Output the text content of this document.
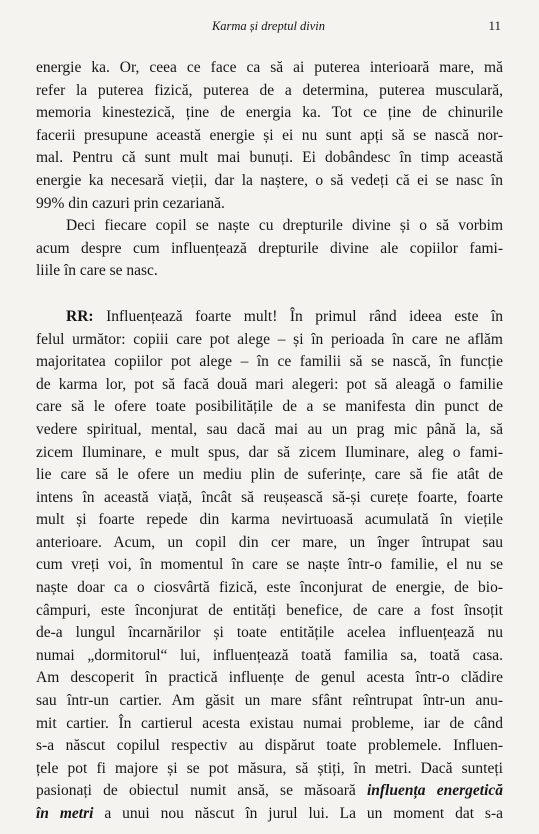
Karma și dreptul divin	11
energie ka. Or, ceea ce face ca să ai puterea interioară mare, mă
refer la puterea fizică, puterea de a determina, puterea musculară,
memoria kinestezică, ține de energia ka. Tot ce ține de chinurile
facerii presupune această energie și ei nu sunt apți să se nască nor-
mal. Pentru că sunt mult mai bunuți. Ei dobândesc în timp această
energie ka necesară vieții, dar la naștere, o să vedeți că ei se nasc în
99% din cazuri prin cezariană.
Deci fiecare copil se naște cu drepturile divine și o să vorbim
acum despre cum influențează drepturile divine ale copiilor fami-
liile în care se nasc.
RR: Influențează foarte mult! În primul rând ideea este în
felul următor: copiii care pot alege – și în perioada în care ne aflăm
majoritatea copiilor pot alege – în ce familii să se nască, în funcție
de karma lor, pot să facă două mari alegeri: pot să aleagă o familie
care să le ofere toate posibilitățile de a se manifesta din punct de
vedere spiritual, mental, sau dacă mai au un prag mic până la, să
zicem Iluminare, e mult spus, dar să zicem Iluminare, aleg o fami-
lie care să le ofere un mediu plin de suferințe, care să fie atât de
intens în această viață, încât să reușească să-și curețe foarte, foarte
mult și foarte repede din karma nevirtuoasă acumulată în viețile
anterioare. Acum, un copil din cer mare, un înger întrupat sau
cum vreți voi, în momentul în care se naște într-o familie, el nu se
naște doar ca o ciosvârtă fizică, este înconjurat de energie, de bio-
câmpuri, este înconjurat de entități benefice, de care a fost însoțit
de-a lungul încarnărilor și toate entitățile acelea influențează nu
numai „dormitorul“ lui, influențează toată familia sa, toată casa.
Am descoperit în practică influențe de genul acesta într-o clădire
sau într-un cartier. Am găsit un mare sfânt reîntrupat într-un anu-
mit cartier. În cartierul acesta existau numai probleme, iar de când
s-a născut copilul respectiv au dispărut toate problemele. Influen-
țele pot fi majore și se pot măsura, să știți, în metri. Dacă sunteți
pasionați de obiectul numit ansă, se măsoară influența energetică
în metri a unui nou născut în jurul lui. La un moment dat s-a
